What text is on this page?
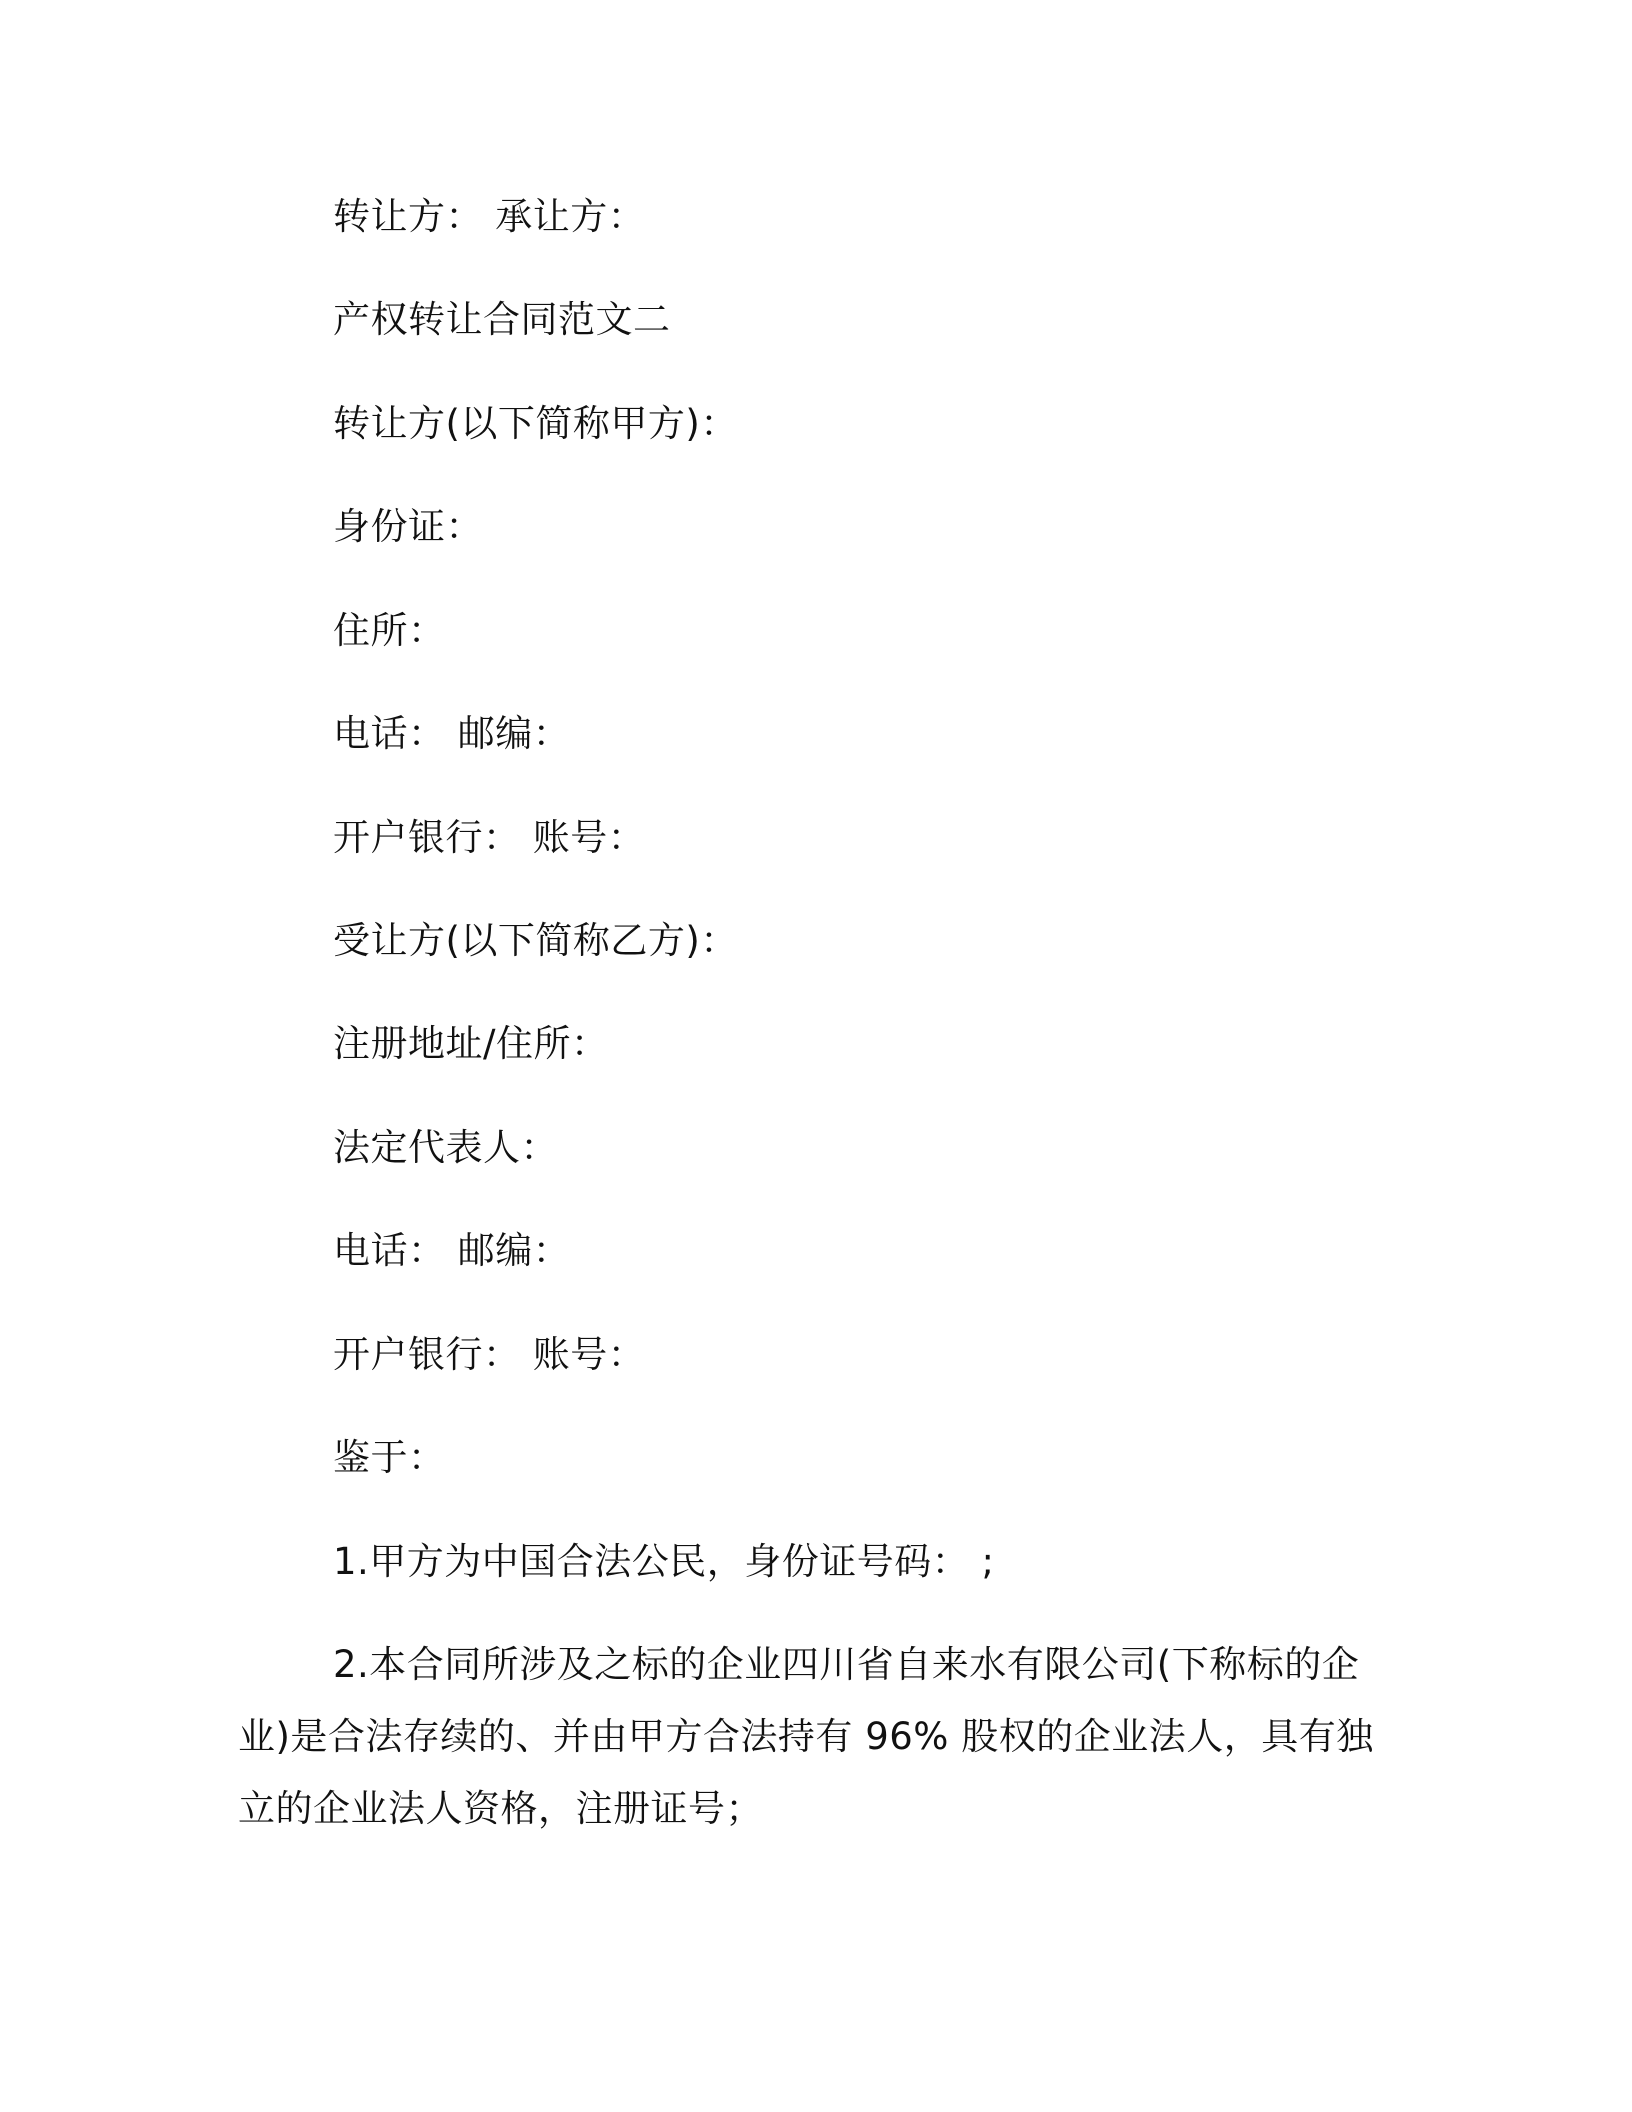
转让方： 承让方：
产权转让合同范文二
转让方(以下简称甲方)：
身份证：
住所：
电话： 邮编：
开户银行： 账号：
受让方(以下简称乙方)：
注册地址/住所：
法定代表人：
电话： 邮编：
开户银行： 账号：
鉴于：
1.甲方为中国合法公民，身份证号码： ;
2.本合同所涉及之标的企业四川省自来水有限公司(下称标的企业)是合法存续的、并由甲方合法持有 96% 股权的企业法人，具有独立的企业法人资格，注册证号；
